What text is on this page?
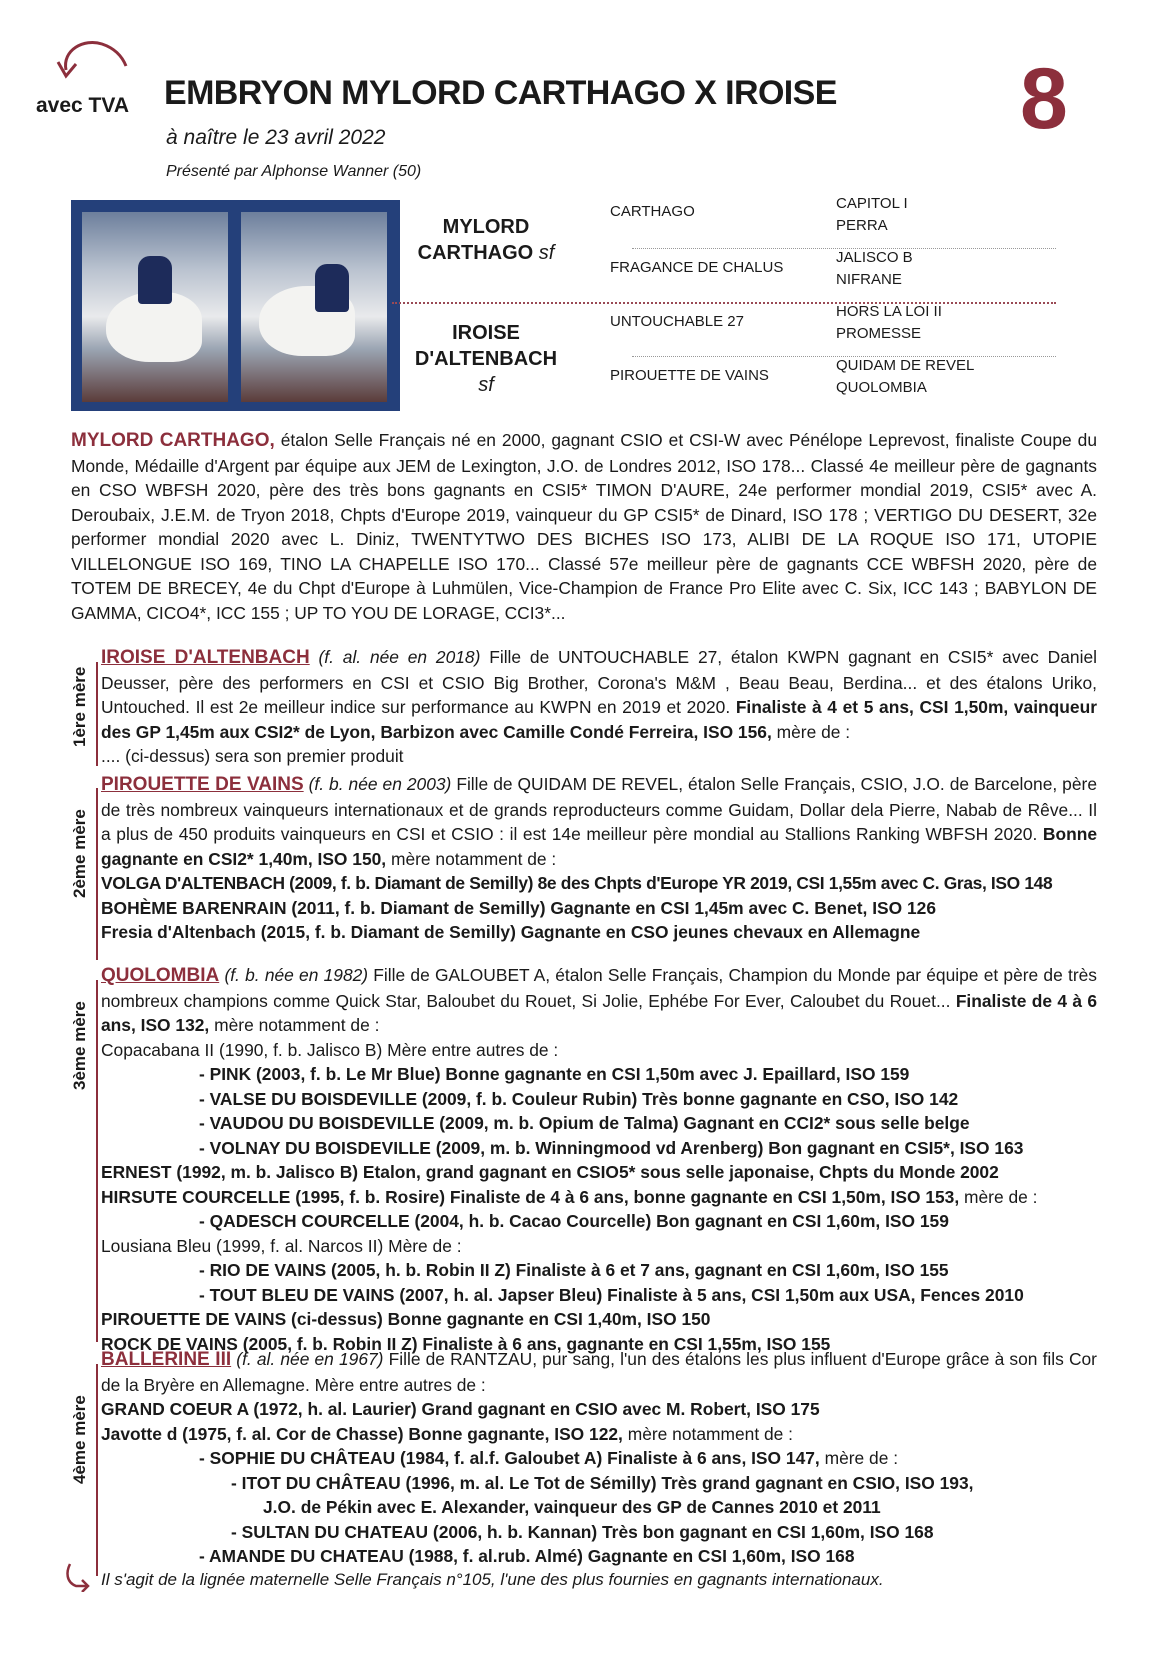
avec TVA EMBRYON MYLORD CARTHAGO X IROISE 8
à naître le 23 avril 2022
Présenté par Alphonse Wanner (50)
MYLORD
CARTHAGO sf
IROISE
D'ALTENBACH sf
CARTHAGO
FRAGANCE DE CHALUS
UNTOUCHABLE 27
PIROUETTE DE VAINS
CAPITOL I
PERRA
JALISCO B
NIFRANE
HORS LA LOI II
PROMESSE
QUIDAM DE REVEL
QUOLOMBIA
MYLORD CARTHAGO, étalon Selle Français né en 2000, gagnant CSIO et CSI-W avec Pénélope Leprevost, finaliste Coupe du Monde, Médaille d'Argent par équipe aux JEM de Lexington, J.O. de Londres 2012, ISO 178... Classé 4e meilleur père de gagnants en CSO WBFSH 2020, père des très bons gagnants en CSI5* TIMON D'AURE, 24e performer mondial 2019, CSI5* avec A. Deroubaix, J.E.M. de Tryon 2018, Chpts d'Europe 2019, vainqueur du GP CSI5* de Dinard, ISO 178 ; VERTIGO DU DESERT, 32e performer mondial 2020 avec L. Diniz, TWENTYTWO DES BICHES ISO 173, ALIBI DE LA ROQUE ISO 171, UTOPIE VILLELONGUE ISO 169, TINO LA CHAPELLE ISO 170... Classé 57e meilleur père de gagnants CCE WBFSH 2020, père de TOTEM DE BRECEY, 4e du Chpt d'Europe à Luhmülen, Vice-Champion de France Pro Elite avec C. Six, ICC 143 ; BABYLON DE GAMMA, CICO4*, ICC 155 ; UP TO YOU DE LORAGE, CCI3*...
1ère mère
IROISE D'ALTENBACH (f. al. née en 2018) Fille de UNTOUCHABLE 27, étalon KWPN gagnant en CSI5* avec Daniel Deusser, père des performers en CSI et CSIO Big Brother, Corona's M&M , Beau Beau, Berdina... et des étalons Uriko, Untouched. Il est 2e meilleur indice sur performance au KWPN en 2019 et 2020. Finaliste à 4 et 5 ans, CSI 1,50m, vainqueur des GP 1,45m aux CSI2* de Lyon, Barbizon avec Camille Condé Ferreira, ISO 156, mère de :
.... (ci-dessus) sera son premier produit
2ème mère
PIROUETTE DE VAINS (f. b. née en 2003) Fille de QUIDAM DE REVEL, étalon Selle Français, CSIO, J.O. de Barcelone, père de très nombreux vainqueurs internationaux et de grands reproducteurs comme Guidam, Dollar dela Pierre, Nabab de Rêve... Il a plus de 450 produits vainqueurs en CSI et CSIO : il est 14e meilleur père mondial au Stallions Ranking WBFSH 2020. Bonne gagnante en CSI2* 1,40m, ISO 150, mère notamment de :
VOLGA D'ALTENBACH (2009, f. b. Diamant de Semilly) 8e des Chpts d'Europe YR 2019, CSI 1,55m avec C. Gras, ISO 148
BOHÈME BARENRAIN (2011, f. b. Diamant de Semilly) Gagnante en CSI 1,45m avec C. Benet, ISO 126
Fresia d'Altenbach (2015, f. b. Diamant de Semilly) Gagnante en CSO jeunes chevaux en Allemagne
3ème mère
QUOLOMBIA (f. b. née en 1982) Fille de GALOUBET A, étalon Selle Français, Champion du Monde par équipe et père de très nombreux champions comme Quick Star, Baloubet du Rouet, Si Jolie, Ephébe For Ever, Caloubet du Rouet... Finaliste de 4 à 6 ans, ISO 132, mère notamment de :
Copacabana II (1990, f. b. Jalisco B) Mère entre autres de :
- PINK (2003, f. b. Le Mr Blue) Bonne gagnante en CSI 1,50m avec J. Epaillard, ISO 159
- VALSE DU BOISDEVILLE (2009, f. b. Couleur Rubin) Très bonne gagnante en CSO, ISO 142
- VAUDOU DU BOISDEVILLE (2009, m. b. Opium de Talma) Gagnant en CCI2* sous selle belge
- VOLNAY DU BOISDEVILLE (2009, m. b. Winningmood vd Arenberg) Bon gagnant en CSI5*, ISO 163
ERNEST (1992, m. b. Jalisco B) Etalon, grand gagnant en CSIO5* sous selle japonaise, Chpts du Monde 2002
HIRSUTE COURCELLE (1995, f. b. Rosire) Finaliste de 4 à 6 ans, bonne gagnante en CSI 1,50m, ISO 153, mère de :
- QADESCH COURCELLE (2004, h. b. Cacao Courcelle) Bon gagnant en CSI 1,60m, ISO 159
Lousiana Bleu (1999, f. al. Narcos II) Mère de :
- RIO DE VAINS (2005, h. b. Robin II Z) Finaliste à 6 et 7 ans, gagnant en CSI 1,60m, ISO 155
- TOUT BLEU DE VAINS (2007, h. al. Japser Bleu) Finaliste à 5 ans, CSI 1,50m aux USA, Fences 2010
PIROUETTE DE VAINS (ci-dessus) Bonne gagnante en CSI 1,40m, ISO 150
ROCK DE VAINS (2005, f. b. Robin II Z) Finaliste à 6 ans, gagnante en CSI 1,55m, ISO 155
4ème mère
BALLERINE III (f. al. née en 1967) Fille de RANTZAU, pur sang, l'un des étalons les plus influent d'Europe grâce à son fils Cor de la Bryère en Allemagne. Mère entre autres de :
GRAND COEUR A (1972, h. al. Laurier) Grand gagnant en CSIO avec M. Robert, ISO 175
Javotte d (1975, f. al. Cor de Chasse) Bonne gagnante, ISO 122, mère notamment de :
- SOPHIE DU CHÂTEAU (1984, f. al.f. Galoubet A) Finaliste à 6 ans, ISO 147, mère de :
- ITOT DU CHÂTEAU (1996, m. al. Le Tot de Sémilly) Très grand gagnant en CSIO, ISO 193,
J.O. de Pékin avec E. Alexander, vainqueur des GP de Cannes 2010 et 2011
- SULTAN DU CHATEAU (2006, h. b. Kannan) Très bon gagnant en CSI 1,60m, ISO 168
- AMANDE DU CHATEAU (1988, f. al.rub. Almé) Gagnante en CSI 1,60m, ISO 168
Il s'agit de la lignée maternelle Selle Français n°105, l'une des plus fournies en gagnants internationaux.
